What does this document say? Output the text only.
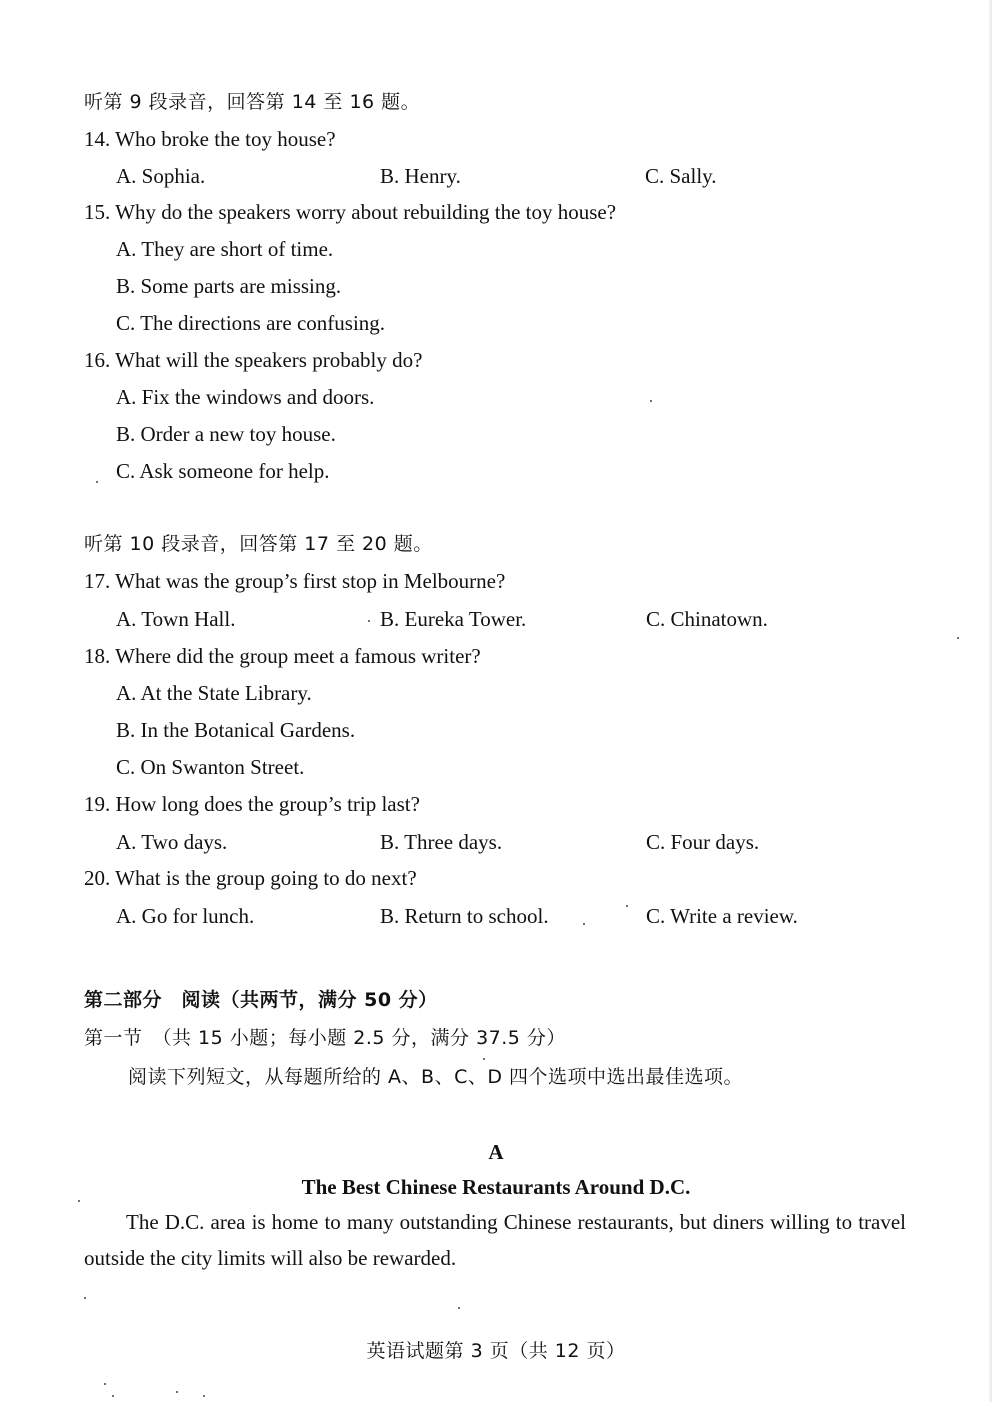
听第 9 段录音，回答第 14 至 16 题。
14. Who broke the toy house?
A. Sophia.	B. Henry.	C. Sally.
15. Why do the speakers worry about rebuilding the toy house?
A. They are short of time.
B. Some parts are missing.
C. The directions are confusing.
16. What will the speakers probably do?
A. Fix the windows and doors.
B. Order a new toy house.
C. Ask someone for help.
听第 10 段录音，回答第 17 至 20 题。
17. What was the group’s first stop in Melbourne?
A. Town Hall.	B. Eureka Tower.	C. Chinatown.
18. Where did the group meet a famous writer?
A. At the State Library.
B. In the Botanical Gardens.
C. On Swanton Street.
19. How long does the group’s trip last?
A. Two days.	B. Three days.	C. Four days.
20. What is the group going to do next?
A. Go for lunch.	B. Return to school.	C. Write a review.
第二部分　阅读（共两节，满分 50 分）
第一节　（共 15 小题；每小题 2.5 分，满分 37.5 分）
阅读下列短文，从每题所给的 A、B、C、D 四个选项中选出最佳选项。
A
The Best Chinese Restaurants Around D.C.
The D.C. area is home to many outstanding Chinese restaurants, but diners willing to travel outside the city limits will also be rewarded.
英语试题第 3 页（共 12 页）
